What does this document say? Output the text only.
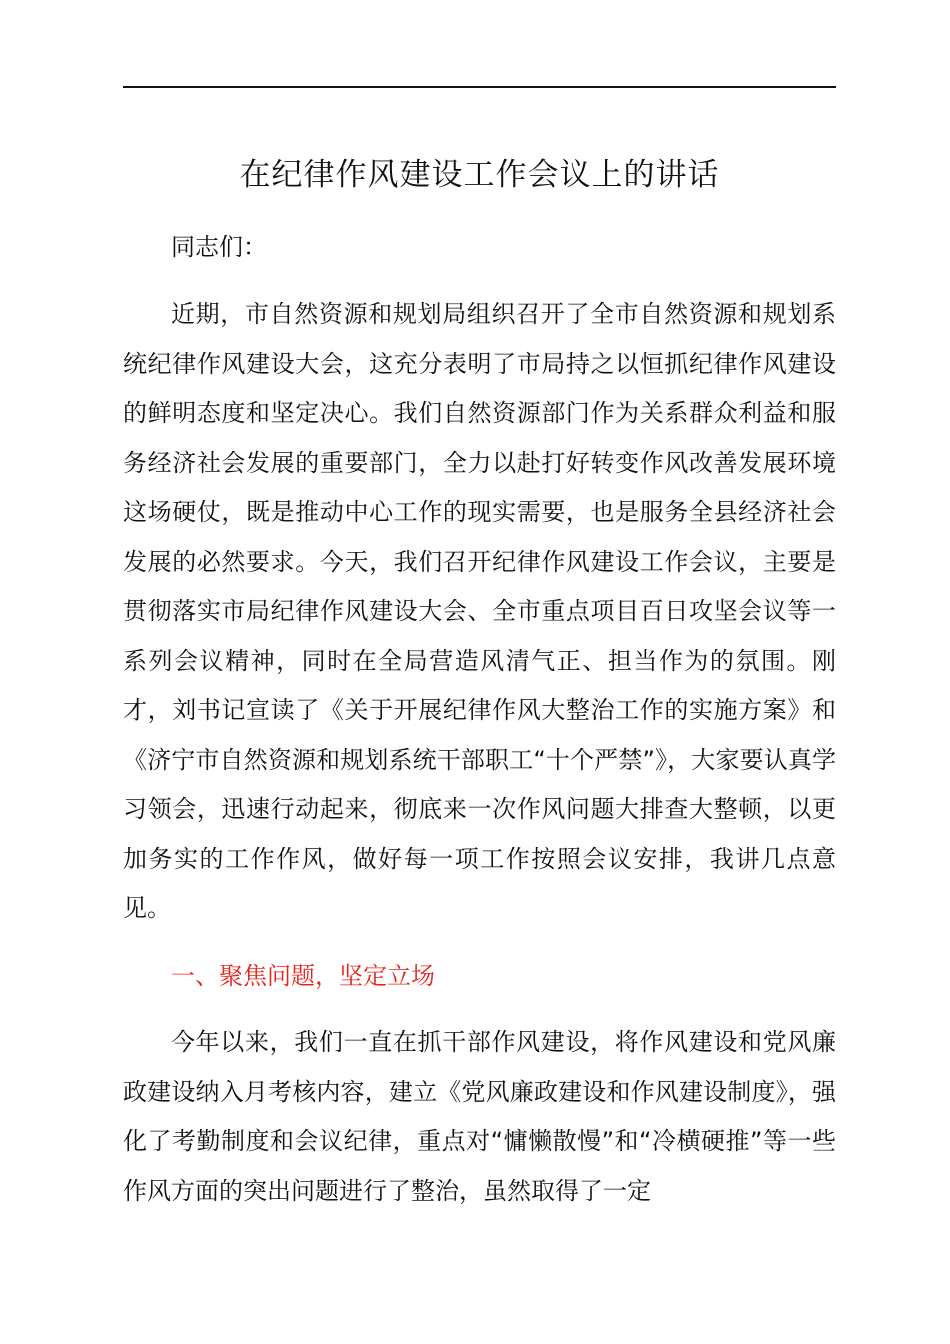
在纪律作风建设工作会议上的讲话

同志们：

近期，市自然资源和规划局组织召开了全市自然资源和规划系统纪律作风建设大会，这充分表明了市局持之以恒抓纪律作风建设的鲜明态度和坚定决心。我们自然资源部门作为关系群众利益和服务经济社会发展的重要部门，全力以赴打好转变作风改善发展环境这场硬仗，既是推动中心工作的现实需要，也是服务全县经济社会发展的必然要求。今天，我们召开纪律作风建设工作会议，主要是贯彻落实市局纪律作风建设大会、全市重点项目百日攻坚会议等一系列会议精神，同时在全局营造风清气正、担当作为的氛围。刚才，刘书记宣读了《关于开展纪律作风大整治工作的实施方案》和《济宁市自然资源和规划系统干部职工“十个严禁”》，大家要认真学习领会，迅速行动起来，彻底来一次作风问题大排查大整顿，以更加务实的工作作风，做好每一项工作按照会议安排，我讲几点意见。

一、聚焦问题，坚定立场

今年以来，我们一直在抓干部作风建设，将作风建设和党风廉政建设纳入月考核内容，建立《党风廉政建设和作风建设制度》，强化了考勤制度和会议纪律，重点对“慵懒散慢”和“冷横硬推”等一些作风方面的突出问题进行了整治，虽然取得了一定
